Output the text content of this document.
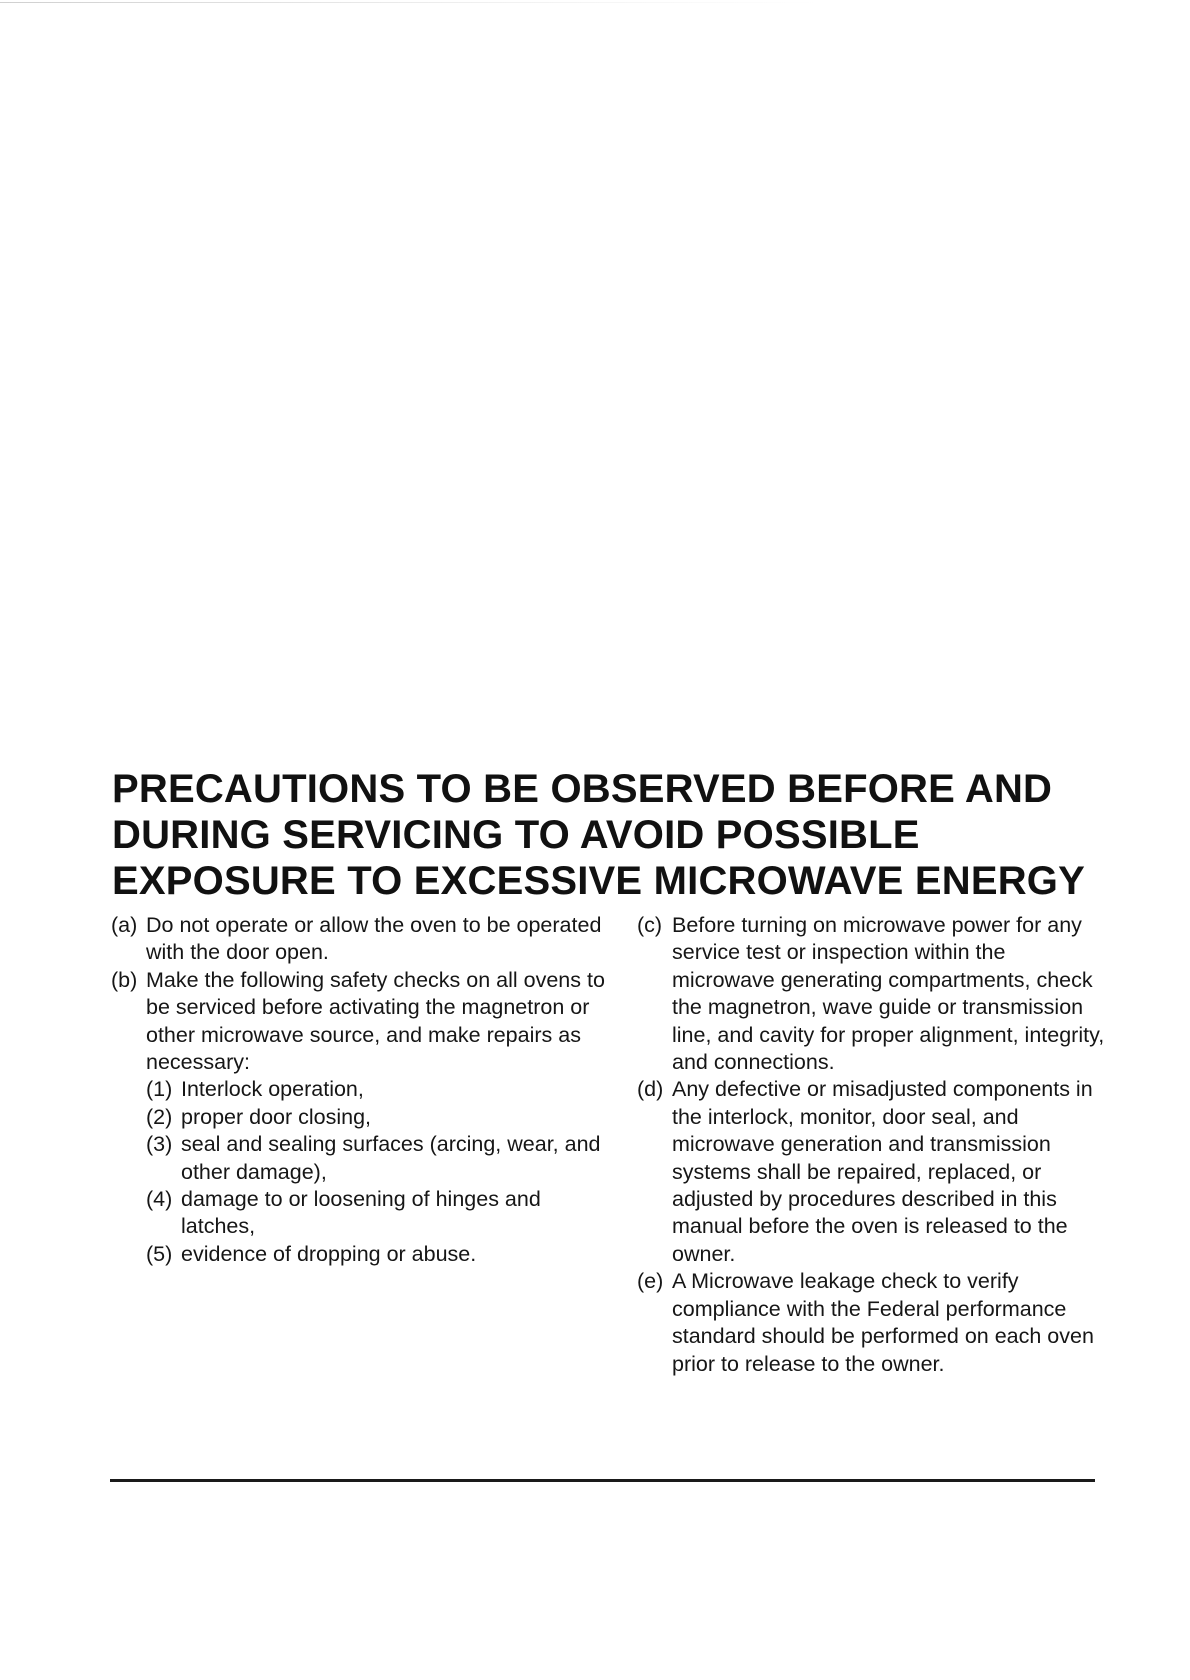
PRECAUTIONS TO BE OBSERVED BEFORE AND
DURING SERVICING TO AVOID POSSIBLE
EXPOSURE TO EXCESSIVE MICROWAVE ENERGY
(a) Do not operate or allow the oven to be operated with the door open.
(b) Make the following safety checks on all ovens to be serviced before activating the magnetron or other microwave source, and make repairs as necessary:
(1) Interlock operation,
(2) proper door closing,
(3) seal and sealing surfaces (arcing, wear, and other damage),
(4) damage to or loosening of hinges and latches,
(5) evidence of dropping or abuse.
(c) Before turning on microwave power for any service test or inspection within the microwave generating compartments, check the magnetron, wave guide or transmission line, and cavity for proper alignment, integrity, and connections.
(d) Any defective or misadjusted components in the interlock, monitor, door seal, and microwave generation and transmission systems shall be repaired, replaced, or adjusted by procedures described in this manual before the oven is released to the owner.
(e) A Microwave leakage check to verify compliance with the Federal performance standard should be performed on each oven prior to release to the owner.
